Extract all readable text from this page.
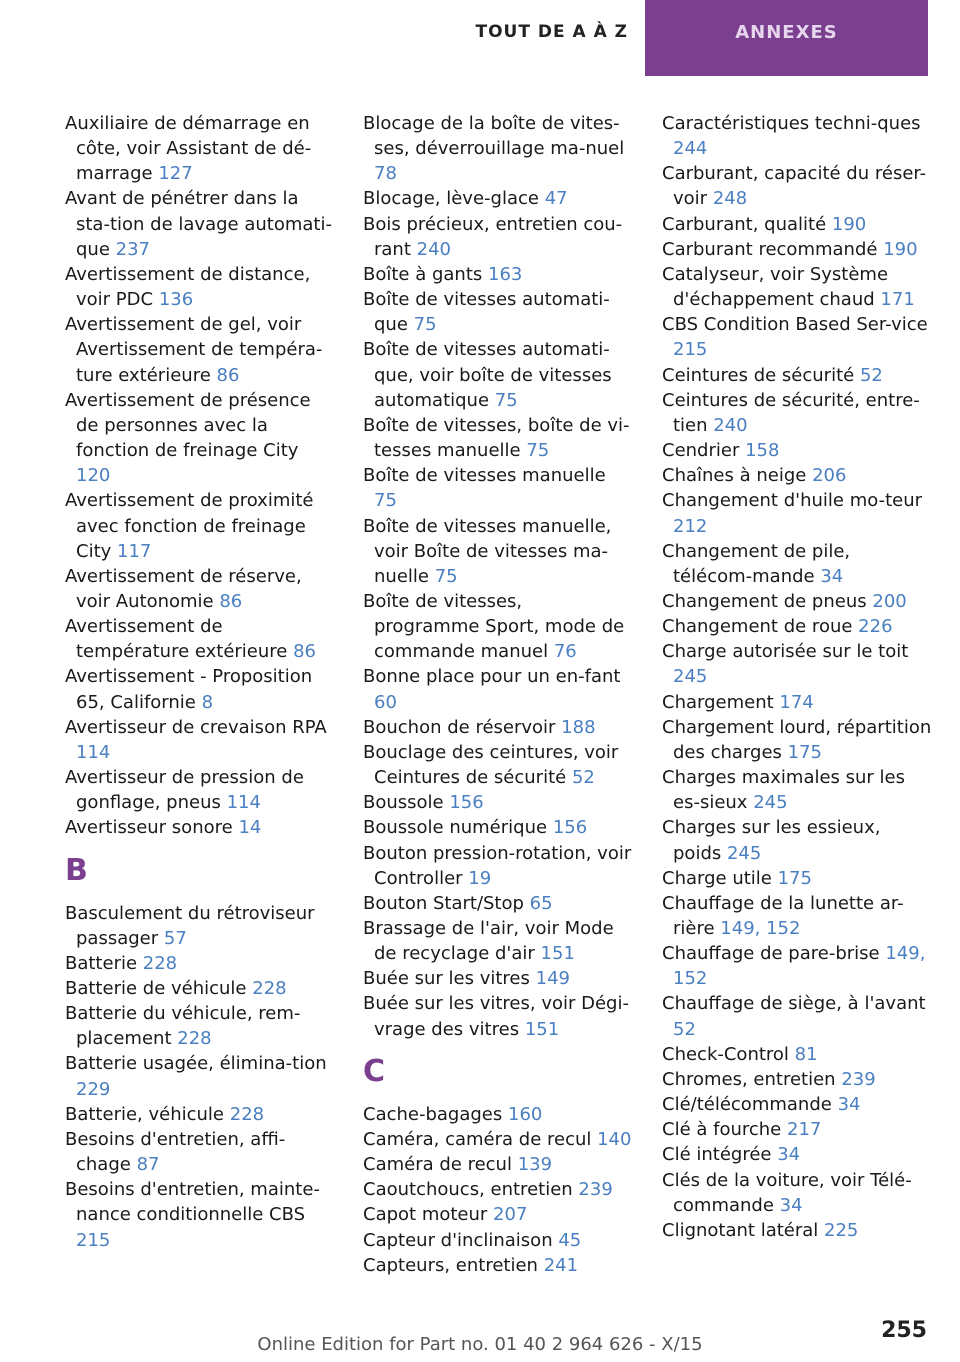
TOUT DE A À Z	ANNEXES
Auxiliaire de démarrage en côte, voir Assistant de dé-marrage 127
Avant de pénétrer dans la sta-tion de lavage automati-que 237
Avertissement de distance, voir PDC 136
Avertissement de gel, voir Avertissement de tempéra-ture extérieure 86
Avertissement de présence de personnes avec la fonction de freinage City 120
Avertissement de proximité avec fonction de freinage City 117
Avertissement de réserve, voir Autonomie 86
Avertissement de température extérieure 86
Avertissement - Proposition 65, Californie 8
Avertisseur de crevaison RPA 114
Avertisseur de pression de gonflage, pneus 114
Avertisseur sonore 14
B
Basculement du rétroviseur passager 57
Batterie 228
Batterie de véhicule 228
Batterie du véhicule, rem-placement 228
Batterie usagée, élimina-tion 229
Batterie, véhicule 228
Besoins d'entretien, affi-chage 87
Besoins d'entretien, mainte-nance conditionnelle CBS 215
Blocage de la boîte de vites-ses, déverrouillage ma-nuel 78
Blocage, lève-glace 47
Bois précieux, entretien cou-rant 240
Boîte à gants 163
Boîte de vitesses automati-que 75
Boîte de vitesses automati-que, voir boîte de vitesses automatique 75
Boîte de vitesses, boîte de vi-tesses manuelle 75
Boîte de vitesses manuelle 75
Boîte de vitesses manuelle, voir Boîte de vitesses ma-nuelle 75
Boîte de vitesses, programme Sport, mode de commande manuel 76
Bonne place pour un en-fant 60
Bouchon de réservoir 188
Bouclage des ceintures, voir Ceintures de sécurité 52
Boussole 156
Boussole numérique 156
Bouton pression-rotation, voir Controller 19
Bouton Start/Stop 65
Brassage de l'air, voir Mode de recyclage d'air 151
Buée sur les vitres 149
Buée sur les vitres, voir Dégi-vrage des vitres 151
C
Cache-bagages 160
Caméra, caméra de recul 140
Caméra de recul 139
Caoutchoucs, entretien 239
Capot moteur 207
Capteur d'inclinaison 45
Capteurs, entretien 241
Caractéristiques techni-ques 244
Carburant, capacité du réser-voir 248
Carburant, qualité 190
Carburant recommandé 190
Catalyseur, voir Système d'échappement chaud 171
CBS Condition Based Ser-vice 215
Ceintures de sécurité 52
Ceintures de sécurité, entre-tien 240
Cendrier 158
Chaînes à neige 206
Changement d'huile mo-teur 212
Changement de pile, télécom-mande 34
Changement de pneus 200
Changement de roue 226
Charge autorisée sur le toit 245
Chargement 174
Chargement lourd, répartition des charges 175
Charges maximales sur les es-sieux 245
Charges sur les essieux, poids 245
Charge utile 175
Chauffage de la lunette ar-rière 149, 152
Chauffage de pare-brise 149, 152
Chauffage de siège, à l'avant 52
Check-Control 81
Chromes, entretien 239
Clé/télécommande 34
Clé à fourche 217
Clé intégrée 34
Clés de la voiture, voir Télé-commande 34
Clignotant latéral 225
255
Online Edition for Part no. 01 40 2 964 626 - X/15
